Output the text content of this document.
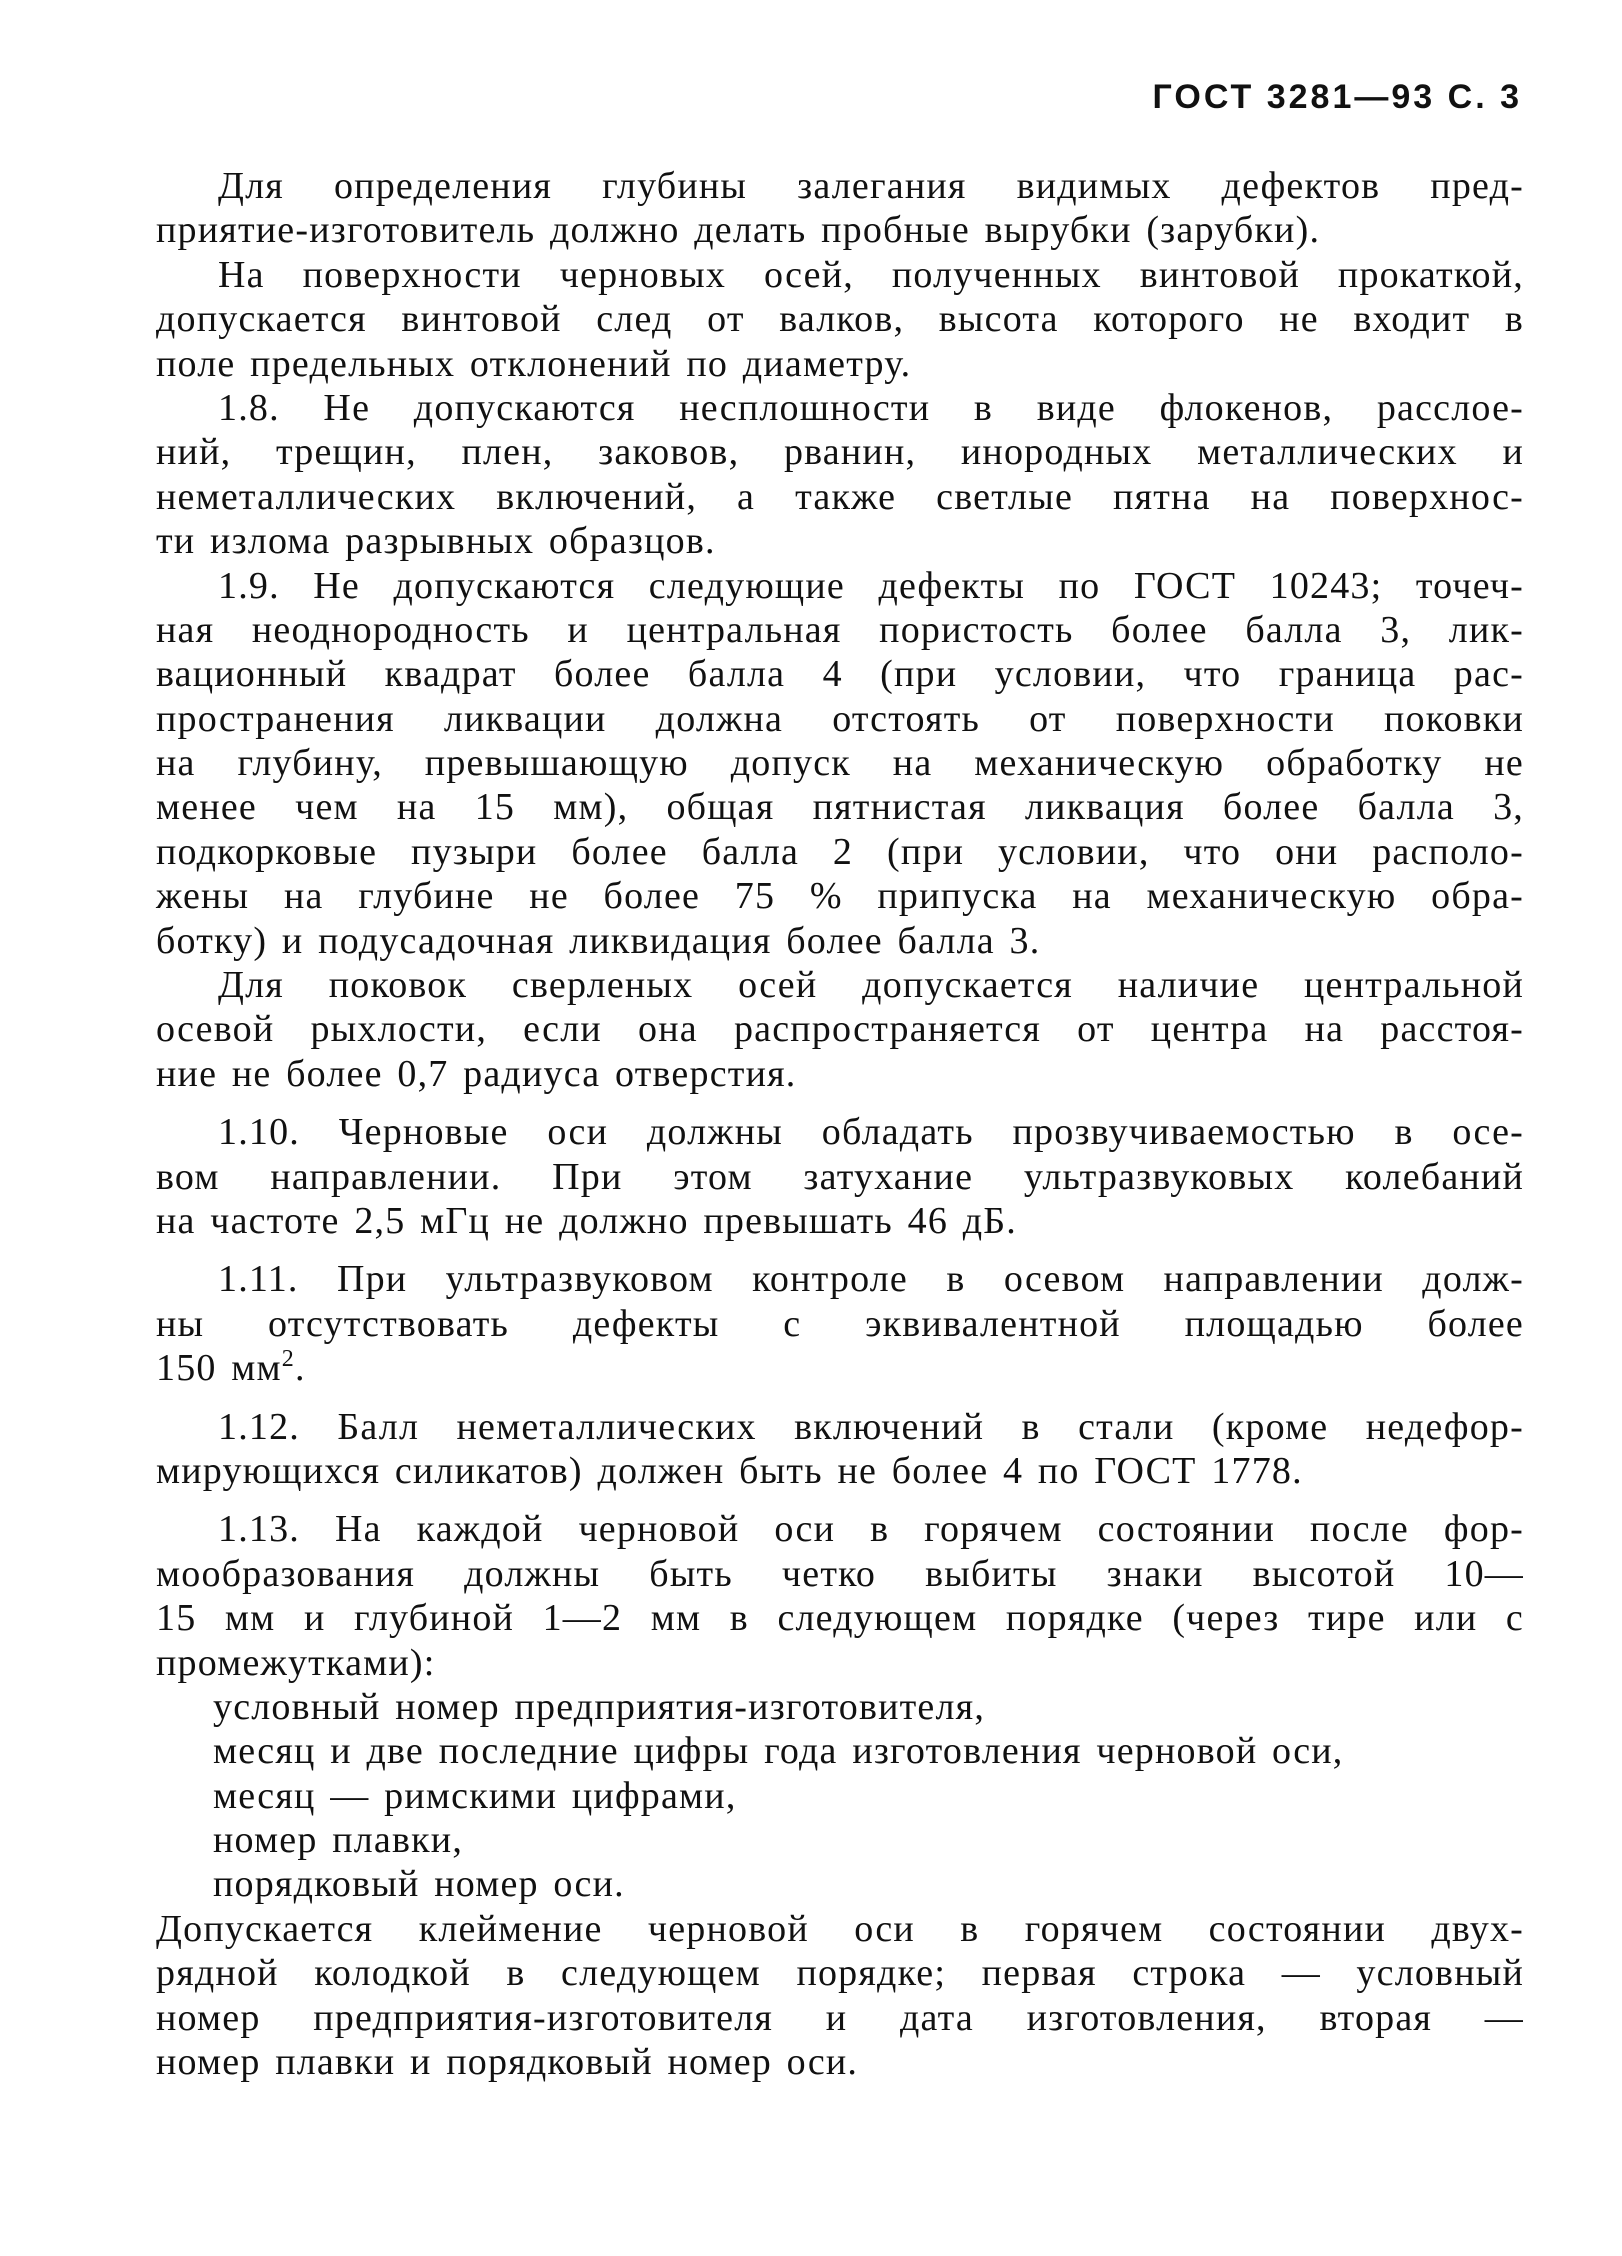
ГОСТ 3281—93 С. 3
Для определения глубины залегания видимых дефектов пред-
приятие-изготовитель должно делать пробные вырубки (зарубки).
На поверхности черновых осей, полученных винтовой прокаткой,
допускается винтовой след от валков, высота которого не входит в
поле предельных отклонений по диаметру.
1.8. Не допускаются несплошности в виде флокенов, расслое-
ний, трещин, плен, заковов, рванин, инородных металлических и
неметаллических включений, а также светлые пятна на поверхнос-
ти излома разрывных образцов.
1.9. Не допускаются следующие дефекты по ГОСТ 10243; точеч-
ная неоднородность и центральная пористость более балла 3, лик-
вационный квадрат более балла 4 (при условии, что граница рас-
пространения ликвации должна отстоять от поверхности поковки
на глубину, превышающую допуск на механическую обработку не
менее чем на 15 мм), общая пятнистая ликвация более балла 3,
подкорковые пузыри более балла 2 (при условии, что они располо-
жены на глубине не более 75 % припуска на механическую обра-
ботку) и подусадочная ликвидация более балла 3.
Для поковок сверленых осей допускается наличие центральной
осевой рыхлости, если она распространяется от центра на расстоя-
ние не более 0,7 радиуса отверстия.
1.10. Черновые оси должны обладать прозвучиваемостью в осе-
вом направлении. При этом затухание ультразвуковых колебаний
на частоте 2,5 мГц не должно превышать 46 дБ.
1.11. При ультразвуковом контроле в осевом направлении долж-
ны отсутствовать дефекты с эквивалентной площадью более
150 $мм^2$.
1.12. Балл неметаллических включений в стали (кроме недефор-
мирующихся силикатов) должен быть не более 4 по ГОСТ 1778.
1.13. На каждой черновой оси в горячем состоянии после фор-
мообразования должны быть четко выбиты знаки высотой 10—
15 мм и глубиной 1—2 мм в следующем порядке (через тире или с
промежутками):
условный номер предприятия-изготовителя,
месяц и две последние цифры года изготовления черновой оси,
месяц — римскими цифрами,
номер плавки,
порядковый номер оси.
Допускается клеймение черновой оси в горячем состоянии двух-
рядной колодкой в следующем порядке; первая строка — условный
номер предприятия-изготовителя и дата изготовления, вторая —
номер плавки и порядковый номер оси.
